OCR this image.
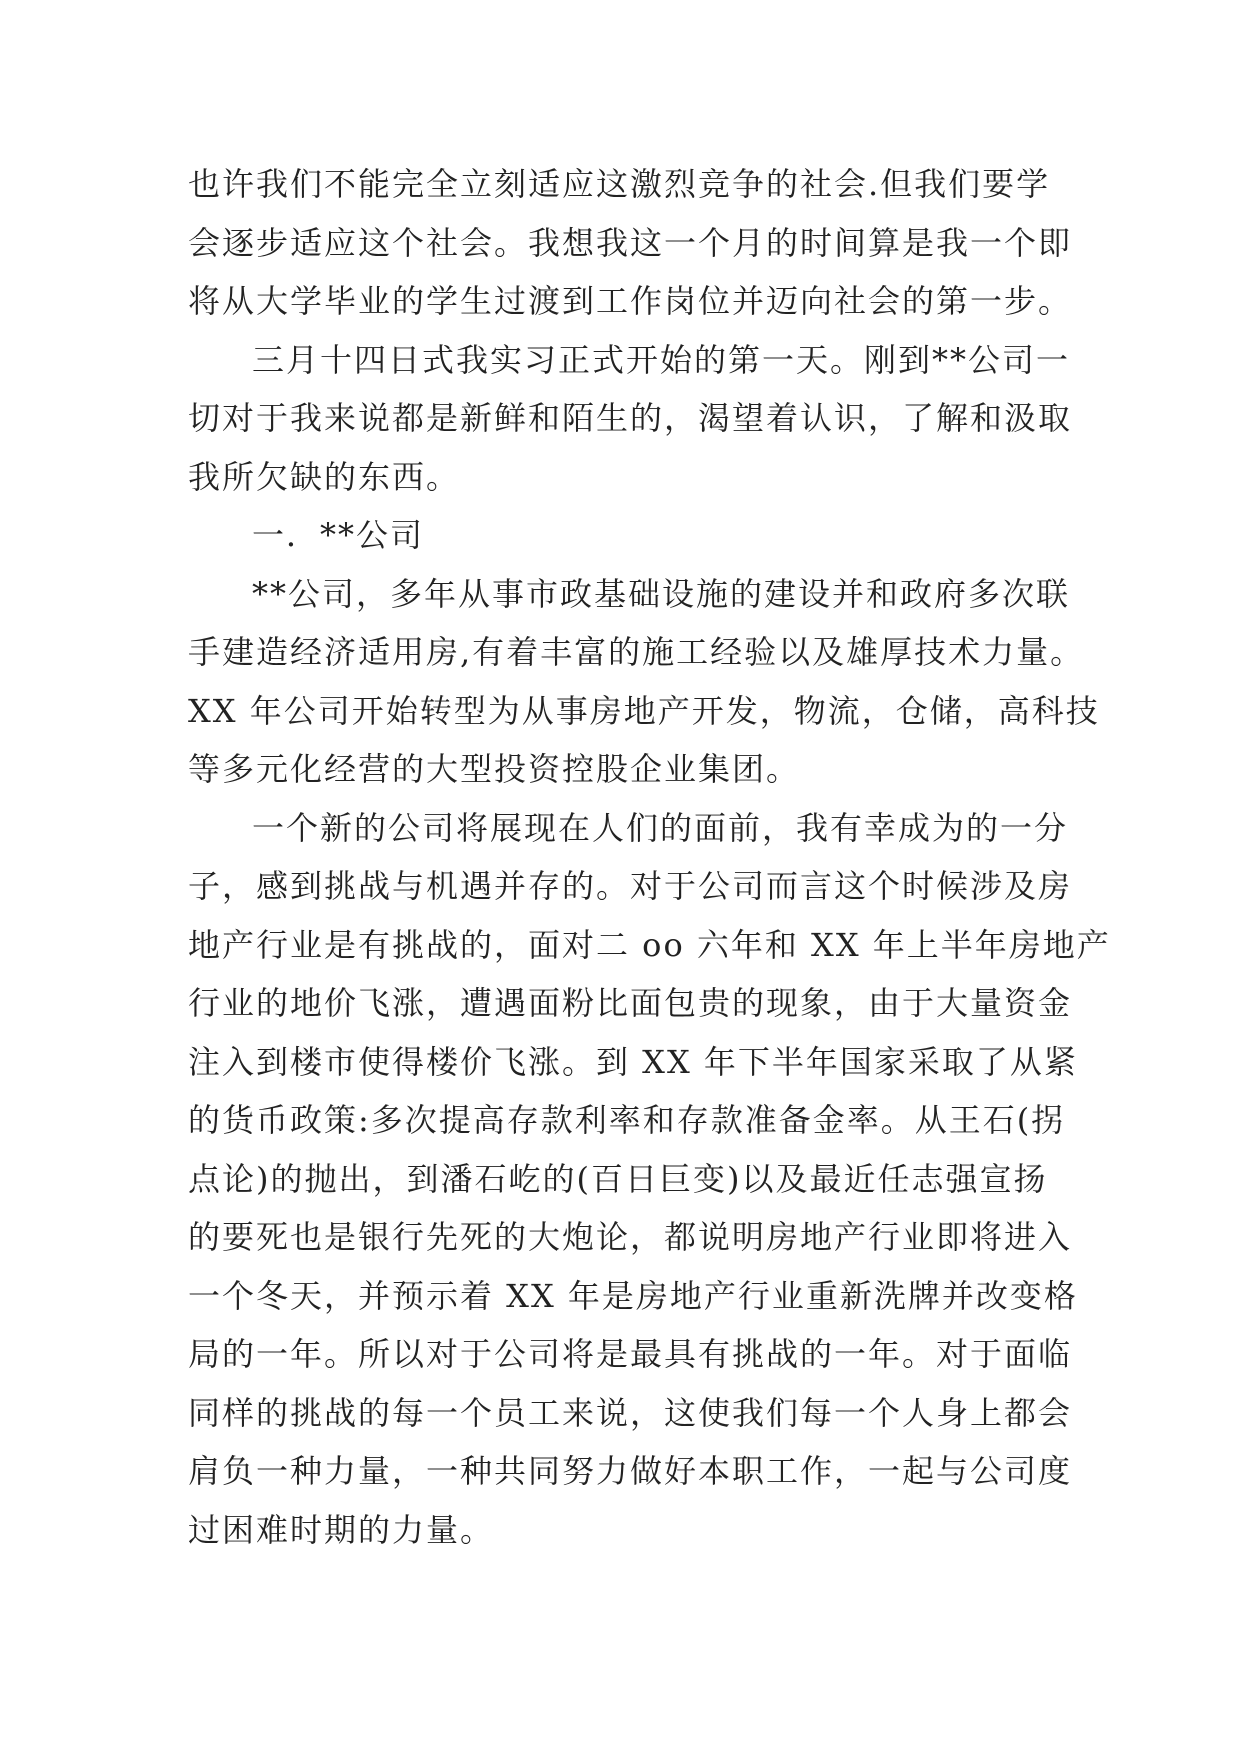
也许我们不能完全立刻适应这激烈竞争的社会.但我们要学
会逐步适应这个社会。我想我这一个月的时间算是我一个即
将从大学毕业的学生过渡到工作岗位并迈向社会的第一步。
三月十四日式我实习正式开始的第一天。刚到**公司一
切对于我来说都是新鲜和陌生的，渴望着认识，了解和汲取
我所欠缺的东西。
一．**公司
**公司，多年从事市政基础设施的建设并和政府多次联
手建造经济适用房,有着丰富的施工经验以及雄厚技术力量。
XX 年公司开始转型为从事房地产开发，物流，仓储，高科技
等多元化经营的大型投资控股企业集团。
一个新的公司将展现在人们的面前，我有幸成为的一分
子，感到挑战与机遇并存的。对于公司而言这个时候涉及房
地产行业是有挑战的，面对二 oo 六年和 XX 年上半年房地产
行业的地价飞涨，遭遇面粉比面包贵的现象，由于大量资金
注入到楼市使得楼价飞涨。到 XX 年下半年国家采取了从紧
的货币政策:多次提高存款利率和存款准备金率。从王石(拐
点论)的抛出，到潘石屹的(百日巨变)以及最近任志强宣扬
的要死也是银行先死的大炮论，都说明房地产行业即将进入
一个冬天，并预示着 XX 年是房地产行业重新洗牌并改变格
局的一年。所以对于公司将是最具有挑战的一年。对于面临
同样的挑战的每一个员工来说，这使我们每一个人身上都会
肩负一种力量，一种共同努力做好本职工作，一起与公司度
过困难时期的力量。
